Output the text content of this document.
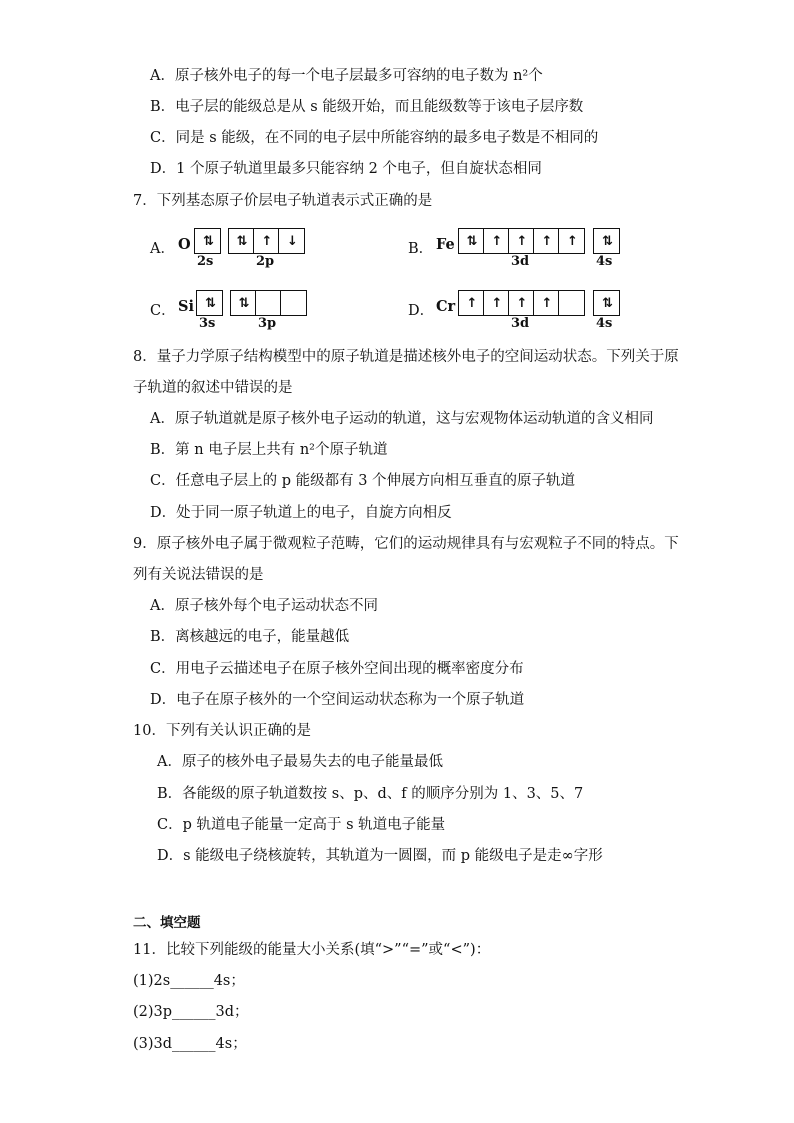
A．原子核外电子的每一个电子层最多可容纳的电子数为 n²个
B．电子层的能级总是从 s 能级开始，而且能级数等于该电子层序数
C．同是 s 能级，在不同的电子层中所能容纳的最多电子数是不相同的
D．1 个原子轨道里最多只能容纳 2 个电子，但自旋状态相同
7．下列基态原子价层电子轨道表示式正确的是
A． O ⇅
2s
⇅	↑	↓
2p
B． Fe ⇅	↑	↑	↑	↑
3d
⇅
4s
C． Si ⇅
3s
⇅
3p
D． Cr ↑	↑	↑	↑
3d
⇅
4s
8．量子力学原子结构模型中的原子轨道是描述核外电子的空间运动状态。下列关于原
子轨道的叙述中错误的是
A．原子轨道就是原子核外电子运动的轨道，这与宏观物体运动轨道的含义相同
B．第 n 电子层上共有 n²个原子轨道
C．任意电子层上的 p 能级都有 3 个伸展方向相互垂直的原子轨道
D．处于同一原子轨道上的电子，自旋方向相反
9．原子核外电子属于微观粒子范畴，它们的运动规律具有与宏观粒子不同的特点。下
列有关说法错误的是
A．原子核外每个电子运动状态不同
B．离核越远的电子，能量越低
C．用电子云描述电子在原子核外空间出现的概率密度分布
D．电子在原子核外的一个空间运动状态称为一个原子轨道
10．下列有关认识正确的是
A．原子的核外电子最易失去的电子能量最低
B．各能级的原子轨道数按 s、p、d、f 的顺序分别为 1、3、5、7
C．p 轨道电子能量一定高于 s 轨道电子能量
D．s 能级电子绕核旋转，其轨道为一圆圈，而 p 能级电子是走∞字形
二、填空题
11．比较下列能级的能量大小关系(填“>”“=”或“<”)：
(1)2s______4s；
(2)3p______3d；
(3)3d______4s；
